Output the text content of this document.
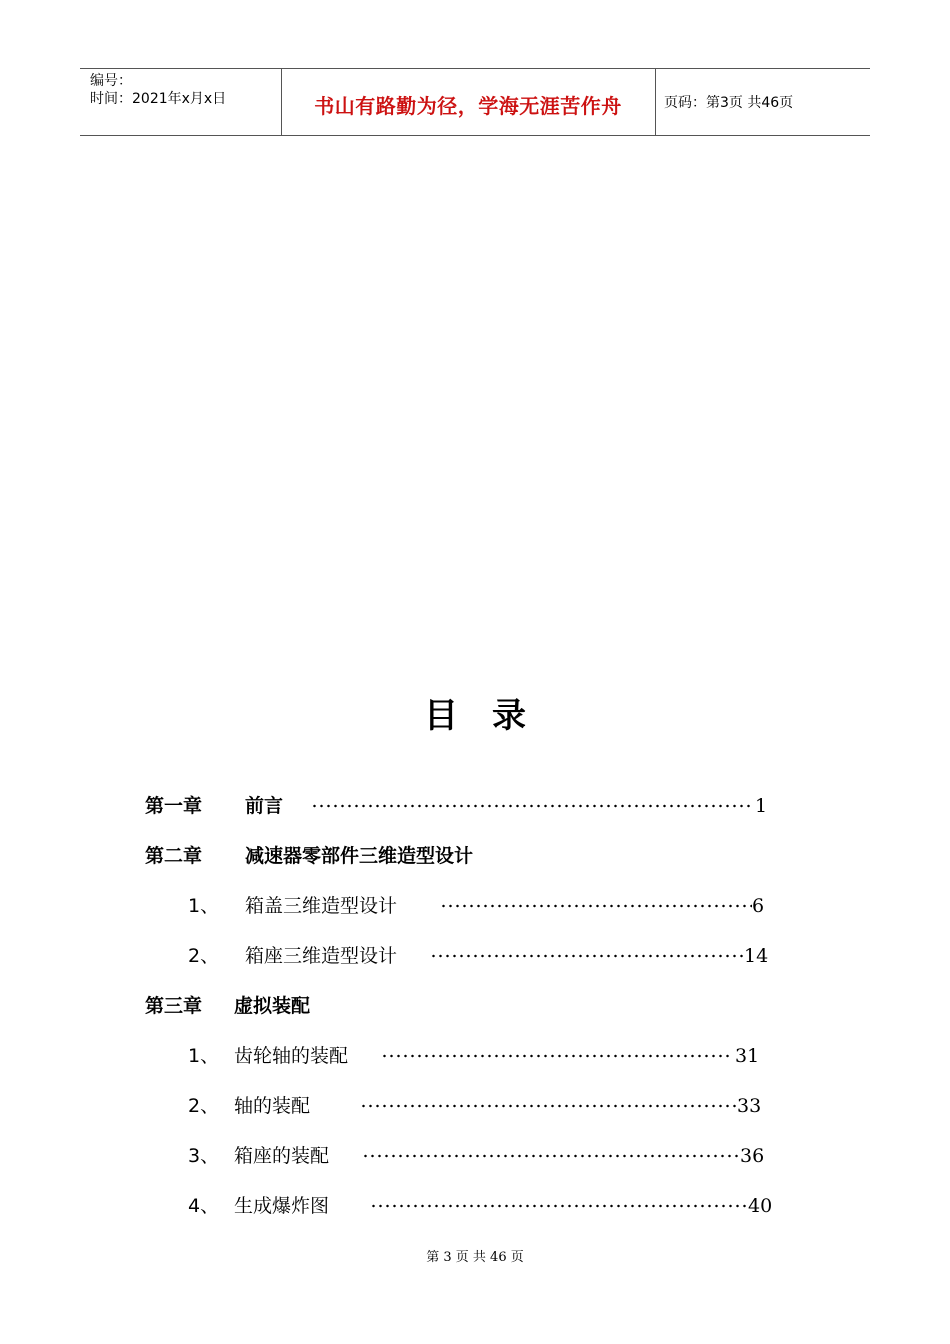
编号：
时间：2021年x月x日	书山有路勤为径，学海无涯苦作舟	页码：第3页 共46页
目 录
第一章 前言	1
第二章 减速器零部件三维造型设计
1、 箱盖三维造型设计	6
2、 箱座三维造型设计	14
第三章 虚拟装配
1、 齿轮轴的装配	31
2、 轴的装配	33
3、 箱座的装配	36
4、 生成爆炸图	40
第 3 页 共 46 页
